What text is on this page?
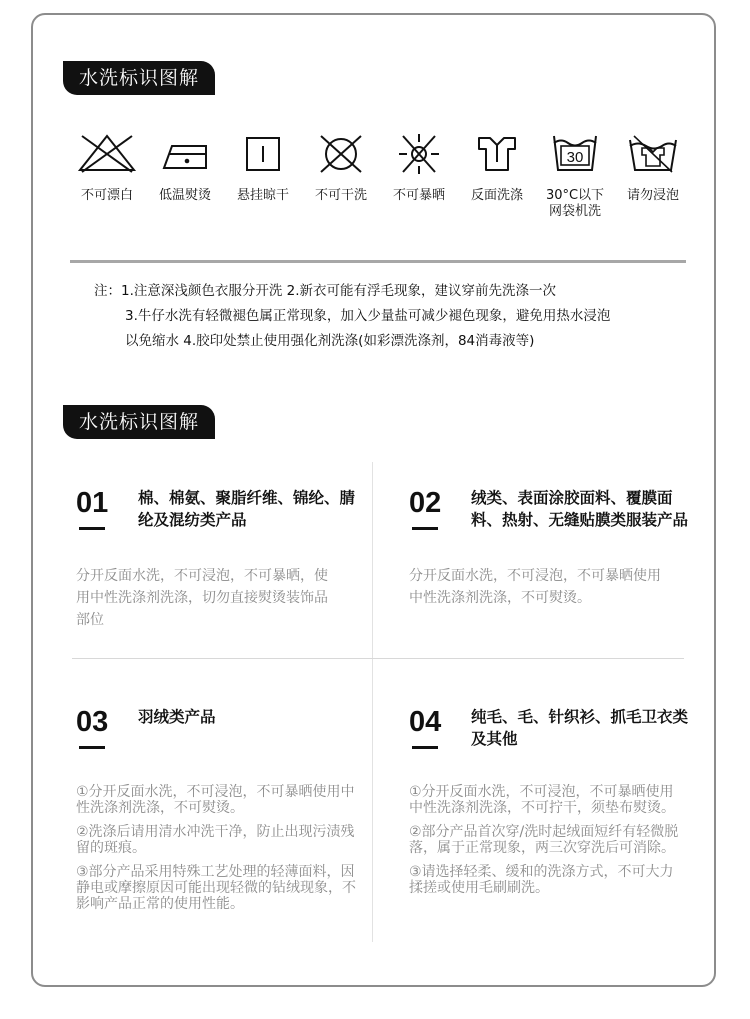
水洗标识图解
不可漂白	低温熨烫	悬挂晾干	不可干洗	不可暴晒	反面洗涤
30
30°C以下
网袋机洗
请勿浸泡
注：1.注意深浅颜色衣服分开洗 2.新衣可能有浮毛现象，建议穿前先洗涤一次
3.牛仔水洗有轻微褪色属正常现象，加入少量盐可减少褪色现象，避免用热水浸泡
以免缩水 4.胶印处禁止使用强化剂洗涤(如彩漂洗涤剂，84消毒液等)
水洗标识图解
01 棉、棉氨、聚脂纤维、锦纶、腈纶及混纺类产品

分开反面水洗，不可浸泡，不可暴晒，使用中性洗涤剂洗涤，切勿直接熨烫装饰品部位

02 绒类、表面涂胶面料、覆膜面料、热射、无缝贴膜类服装产品

分开反面水洗，不可浸泡，不可暴晒使用中性洗涤剂洗涤，不可熨烫。

03 羽绒类产品

①分开反面水洗，不可浸泡，不可暴晒使用中性洗涤剂洗涤，不可熨烫。

②洗涤后请用清水冲洗干净，防止出现污渍残留的斑痕。

③部分产品采用特殊工艺处理的轻薄面料，因静电或摩擦原因可能出现轻微的钻绒现象，不影响产品正常的使用性能。

04 纯毛、毛、针织衫、抓毛卫衣类及其他

①分开反面水洗，不可浸泡，不可暴晒使用中性洗涤剂洗涤，不可拧干，须垫布熨烫。

②部分产品首次穿/洗时起绒面短纤有轻微脱落，属于正常现象，两三次穿洗后可消除。

③请选择轻柔、缓和的洗涤方式，不可大力揉搓或使用毛刷刷洗。
